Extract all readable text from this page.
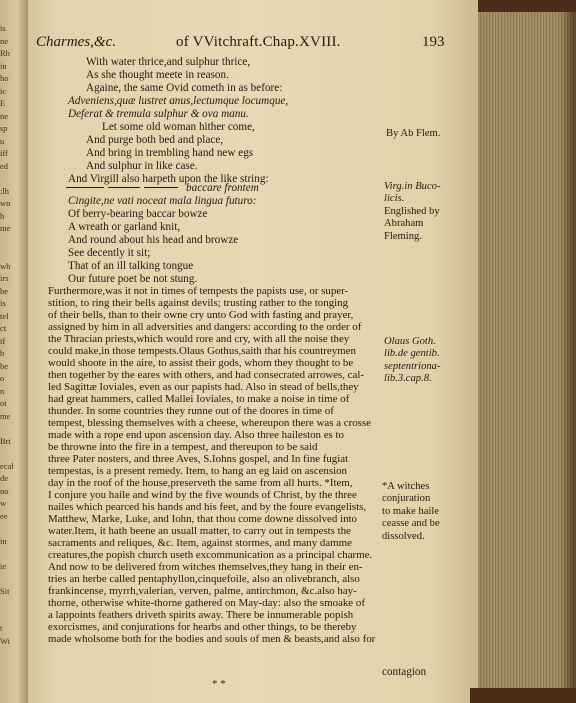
is
ne
Rh
in
ho
ic
E
ne
sp
u
iff
ed

:lh
wn
h
me

wh
irs
be
is
tel
ct
if
b
be
o
n
ot
me

Bri

ecal
de
no
w
ee

in

ie

Sit

t
Wi
Charmes,&c.	of VVitchraft.Chap.XVIII.	193
With water thrice,and sulphur thrice,
As she thought meete in reason.
Againe, the same Ovid cometh in as before:
Adveniens,quæ lustret anus,lectumque locumque,
Deferat & tremula sulphur & ova manu.
Let some old woman hither come,
And purge both bed and place,
And bring in trembling hand new egs
And sulphur in like case.
And Virgill also harpeth upon the like string:
baccare frontem
Cingite,ne vati noceat mala lingua futuro:
Of berry-bearing baccar bowze
A wreath or garland knit,
And round about his head and browze
See decently it sit;
That of an ill talking tongue
Our future poet be not stung.
Furthermore,was it not in times of tempests the papists use, or super-
stition, to ring their bells against devils; trusting rather to the tonging
of their bells, than to their owne cry unto God with fasting and prayer,
assigned by him in all adversities and dangers: according to the order of
the Thracian priests,which would rore and cry, with all the noise they
could make,in those tempests.Olaus Gothus,saith that his countreymen
would shoote in the aire, to assist their gods, whom they thought to be
then together by the eares with others, and had consecrated arrowes, cal-
led Sagittæ Ioviales, even as our papists had. Also in stead of bells,they
had great hammers, called Mallei Ioviales, to make a noise in time of
thunder. In some countries they runne out of the doores in time of
tempest, blessing themselves with a cheese, whereupon there was a crosse
made with a rope end upon ascension day. Also three haileston es to
be throwne into the fire in a tempest, and thereupon to be said
three Pater nosters, and three Aves, S.Iohns gospel, and In fine fugiat
tempestas, is a present remedy. Item, to hang an eg laid on ascension
day in the roof of the house,preserveth the same from all hurts. *Item,
I conjure you haile and wind by the five wounds of Christ, by the three
nailes which pearced his hands and his feet, and by the foure evangelists,
Matthew, Marke, Luke, and Iohn, that thou come downe dissolved into
water.Item, it hath beene an usuall matter, to carry out in tempests the
sacraments and reliques, &c. Item, against stormes, and many damme
creatures,the popish church useth excommunication as a principal charme.
And now to be delivered from witches themselves,they hang in their en-
tries an herbe called pentaphyllon,cinquefoile, also an olivebranch, also
frankincense, myrrh,valerian, verven, palme, antirchmon, &c.also hay-
thorne, otherwise white-thorne gathered on May-day: also the smoake of
a lappoints feathers driveth spirits away. There be innumerable popish
exorcismes, and conjurations for hearbs and other things, to be thereby
made wholsome both for the bodies and souls of men & beasts,and also for
contagion
* *
By Ab Flem.
Virg.in Buco-
licis.
Englished by
Abraham
Fleming.
Olaus Goth.
lib.de gentib.
septentriona-
lib.3.cap.8.
*A witches
conjuration
to make haile
ceasse and be
dissolved.
